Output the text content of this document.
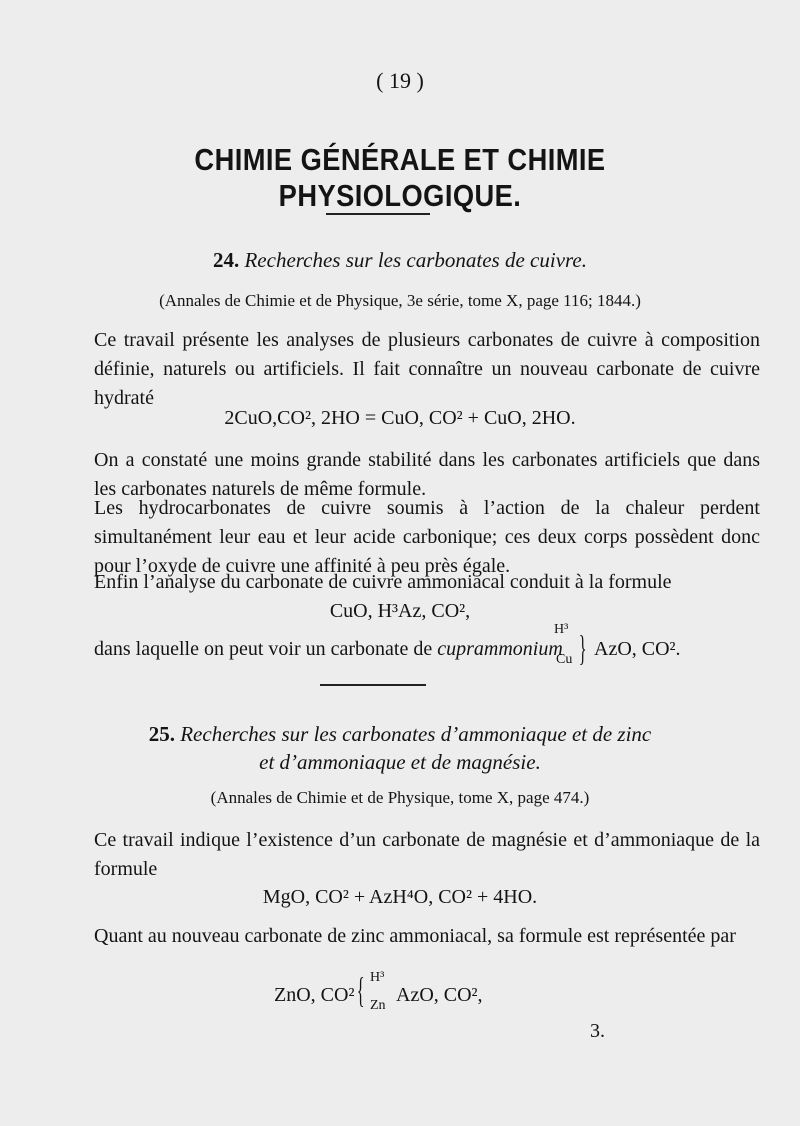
( 19 )
CHIMIE GÉNÉRALE ET CHIMIE PHYSIOLOGIQUE.
24. Recherches sur les carbonates de cuivre.
(Annales de Chimie et de Physique, 3e série, tome X, page 116; 1844.)

Ce travail présente les analyses de plusieurs carbonates de cuivre à composition définie, naturels ou artificiels. Il fait connaître un nouveau carbonate de cuivre hydraté

2CuO,CO², 2HO = CuO, CO² + CuO, 2HO.

On a constaté une moins grande stabilité dans les carbonates artificiels que dans les carbonates naturels de même formule.

Les hydrocarbonates de cuivre soumis à l’action de la chaleur perdent simultanément leur eau et leur acide carbonique; ces deux corps possèdent donc pour l’oxyde de cuivre une affinité à peu près égale.

Enfin l’analyse du carbonate de cuivre ammoniacal conduit à la formule

CuO, H³Az, CO²,
dans laquelle on peut voir un carbonate de cuprammonium
H³
Cu } AzO, CO².
25. Recherches sur les carbonates d’ammoniaque et de zinc
et d’ammoniaque et de magnésie.
(Annales de Chimie et de Physique, tome X, page 474.)

Ce travail indique l’existence d’un carbonate de magnésie et d’ammoniaque de la formule

MgO, CO² + AzH⁴O, CO² + 4HO.

Quant au nouveau carbonate de zinc ammoniacal, sa formule est représentée par

ZnO, CO² { H³
Zn AzO, CO²,
3.
